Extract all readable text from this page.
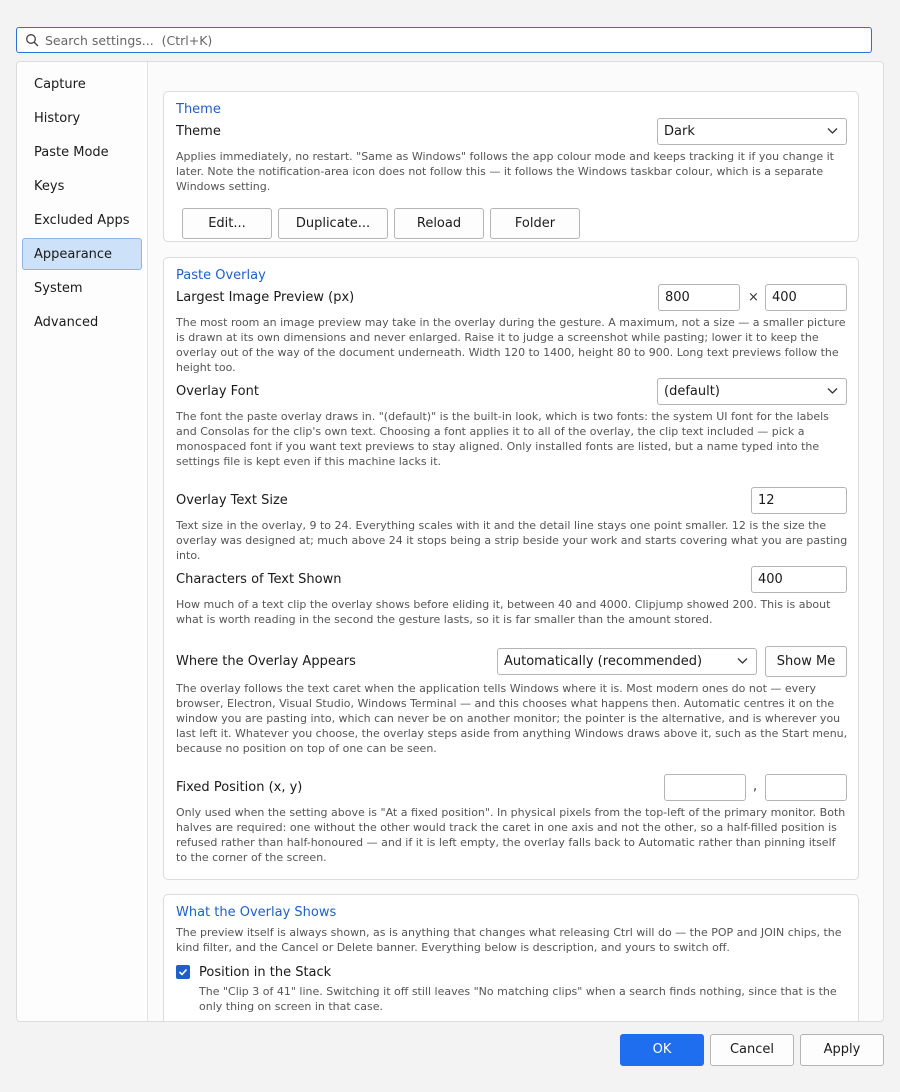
Search settings... (Ctrl+K)
Capture
History
Paste Mode
Keys
Excluded Apps
Appearance
System
Advanced
Theme
Theme	Dark
Applies immediately, no restart. "Same as Windows" follows the app colour mode and keeps tracking it if you change it later. Note the notification-area icon does not follow this — it follows the Windows taskbar colour, which is a separate Windows setting.
Edit...	Duplicate...	Reload	Folder
Paste Overlay
Largest Image Preview (px)	800	×	400
The most room an image preview may take in the overlay during the gesture. A maximum, not a size — a smaller picture is drawn at its own dimensions and never enlarged. Raise it to judge a screenshot while pasting; lower it to keep the overlay out of the way of the document underneath. Width 120 to 1400, height 80 to 900. Long text previews follow the height too.
Overlay Font	(default)
The font the paste overlay draws in. "(default)" is the built-in look, which is two fonts: the system UI font for the labels and Consolas for the clip's own text. Choosing a font applies it to all of the overlay, the clip text included — pick a monospaced font if you want text previews to stay aligned. Only installed fonts are listed, but a name typed into the settings file is kept even if this machine lacks it.
Overlay Text Size	12
Text size in the overlay, 9 to 24. Everything scales with it and the detail line stays one point smaller. 12 is the size the overlay was designed at; much above 24 it stops being a strip beside your work and starts covering what you are pasting into.
Characters of Text Shown	400
How much of a text clip the overlay shows before eliding it, between 40 and 4000. Clipjump showed 200. This is about what is worth reading in the second the gesture lasts, so it is far smaller than the amount stored.
Where the Overlay Appears	Automatically (recommended)	Show Me
The overlay follows the text caret when the application tells Windows where it is. Most modern ones do not — every browser, Electron, Visual Studio, Windows Terminal — and this chooses what happens then. Automatic centres it on the window you are pasting into, which can never be on another monitor; the pointer is the alternative, and is wherever you last left it. Whatever you choose, the overlay steps aside from anything Windows draws above it, such as the Start menu, because no position on top of one can be seen.
Fixed Position (x, y)	,
Only used when the setting above is "At a fixed position". In physical pixels from the top-left of the primary monitor. Both halves are required: one without the other would track the caret in one axis and not the other, so a half-filled position is refused rather than half-honoured — and if it is left empty, the overlay falls back to Automatic rather than pinning itself to the corner of the screen.
What the Overlay Shows
The preview itself is always shown, as is anything that changes what releasing Ctrl will do — the POP and JOIN chips, the kind filter, and the Cancel or Delete banner. Everything below is description, and yours to switch off.
Position in the Stack
The "Clip 3 of 41" line. Switching it off still leaves "No matching clips" when a search finds nothing, since that is the only thing on screen in that case.
OK	Cancel	Apply
